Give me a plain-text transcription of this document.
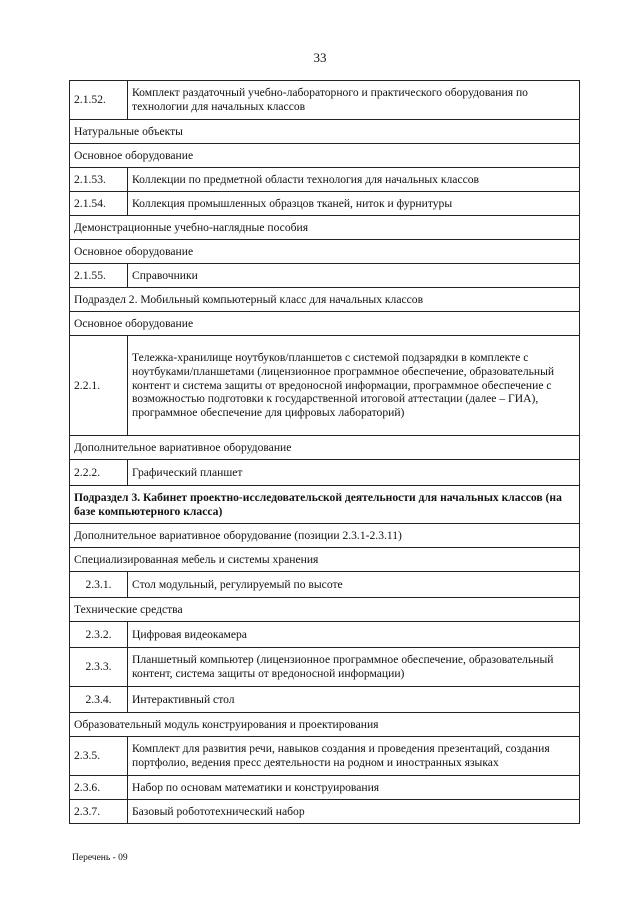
33
2.1.52.	Комплект раздаточный учебно-лабораторного и практического оборудования по технологии для начальных классов
Натуральные объекты	
Основное оборудование	
2.1.53.	Коллекции по предметной области технология для начальных классов
2.1.54.	Коллекция промышленных образцов тканей, ниток и фурнитуры
Демонстрационные учебно-наглядные пособия	
Основное оборудование	
2.1.55.	Справочники
Подраздел 2. Мобильный компьютерный класс для начальных классов	
Основное оборудование	
2.2.1.	Тележка-хранилище ноутбуков/планшетов с системой подзарядки в комплекте с ноутбуками/планшетами (лицензионное программное обеспечение, образовательный контент и система защиты от вредоносной информации, программное обеспечение с возможностью подготовки к государственной итоговой аттестации (далее – ГИА), программное обеспечение для цифровых лабораторий)
Дополнительное вариативное оборудование	
2.2.2.	Графический планшет
Подраздел 3. Кабинет проектно-исследовательской деятельности для начальных классов (на базе компьютерного класса)	
Дополнительное вариативное оборудование (позиции 2.3.1-2.3.11)	
Специализированная мебель и системы хранения	
2.3.1.	Стол модульный, регулируемый по высоте
Технические средства	
2.3.2.	Цифровая видеокамера
2.3.3.	Планшетный компьютер (лицензионное программное обеспечение, образовательный контент, система защиты от вредоносной информации)
2.3.4.	Интерактивный стол
Образовательный модуль конструирования и проектирования	
2.3.5.	Комплект для развития речи, навыков создания и проведения презентаций, создания портфолио, ведения пресс деятельности на родном и иностранных языках
2.3.6.	Набор по основам математики и конструирования
2.3.7.	Базовый робототехнический набор
Перечень - 09
